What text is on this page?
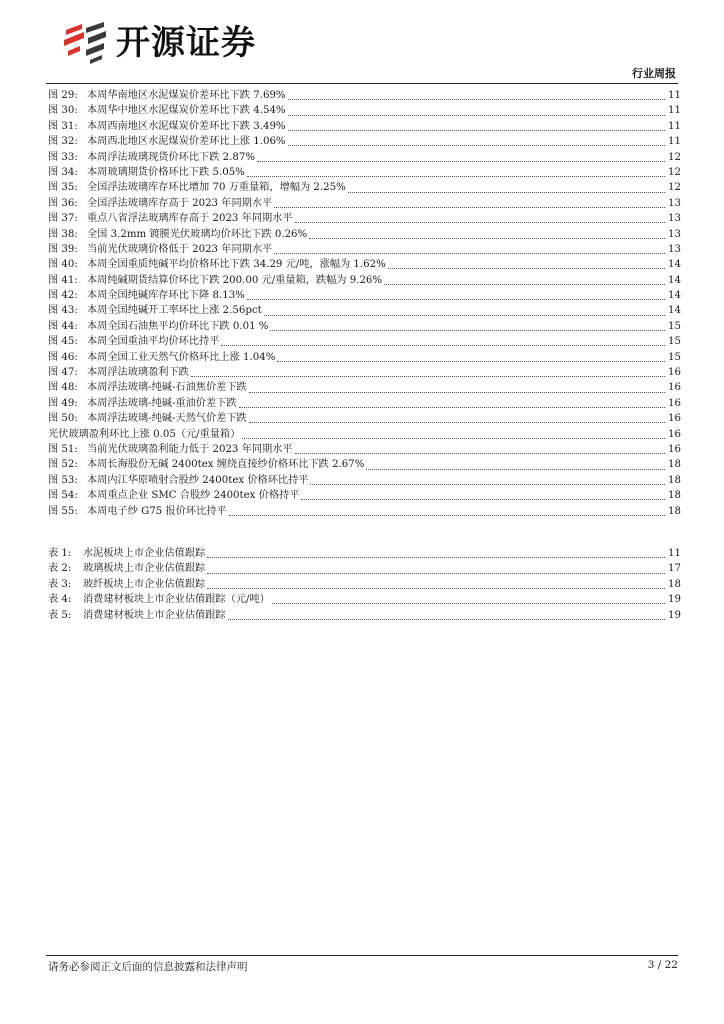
开源证券
行业周报
图 29: 本周华南地区水泥煤炭价差环比下跌 7.69%	11
图 30: 本周华中地区水泥煤炭价差环比下跌 4.54%	11
图 31: 本周西南地区水泥煤炭价差环比下跌 3.49%	11
图 32: 本周西北地区水泥煤炭价差环比上涨 1.06%	11
图 33: 本周浮法玻璃现货价环比下跌 2.87%	12
图 34: 本周玻璃期货价格环比下跌 5.05%	12
图 35: 全国浮法玻璃库存环比增加 70 万重量箱，增幅为 2.25%	12
图 36: 全国浮法玻璃库存高于 2023 年同期水平	13
图 37: 重点八省浮法玻璃库存高于 2023 年同期水平	13
图 38: 全国 3.2mm 镀膜光伏玻璃均价环比下跌 0.26%	13
图 39: 当前光伏玻璃价格低于 2023 年同期水平	13
图 40: 本周全国重质纯碱平均价格环比下跌 34.29 元/吨，涨幅为 1.62%	14
图 41: 本周纯碱期货结算价环比下跌 200.00 元/重量箱，跌幅为 9.26%	14
图 42: 本周全国纯碱库存环比下降 8.13%	14
图 43: 本周全国纯碱开工率环比上涨 2.56pct	14
图 44: 本周全国石油焦平均价环比下跌 0.01 %	15
图 45: 本周全国重油平均价环比持平	15
图 46: 本周全国工业天然气价格环比上涨 1.04%	15
图 47: 本周浮法玻璃盈利下跌	16
图 48: 本周浮法玻璃-纯碱-石油焦价差下跌	16
图 49: 本周浮法玻璃-纯碱-重油价差下跌	16
图 50: 本周浮法玻璃-纯碱-天然气价差下跌	16
光伏玻璃盈利环比上涨 0.05（元/重量箱）	16
图 51: 当前光伏玻璃盈利能力低于 2023 年同期水平	16
图 52: 本周长海股份无碱 2400tex 缠绕直接纱价格环比下跌 2.67%	18
图 53: 本周内江华原喷射合股纱 2400tex 价格环比持平	18
图 54: 本周重点企业 SMC 合股纱 2400tex 价格持平	18
图 55: 本周电子纱 G75 报价环比持平	18
表 1:	水泥板块上市企业估值跟踪	11
表 2:	玻璃板块上市企业估值跟踪	17
表 3:	玻纤板块上市企业估值跟踪	18
表 4:	消费建材板块上市企业估值跟踪（元/吨）	19
表 5:	消费建材板块上市企业估值跟踪	19
请务必参阅正文后面的信息披露和法律声明	3 / 22
